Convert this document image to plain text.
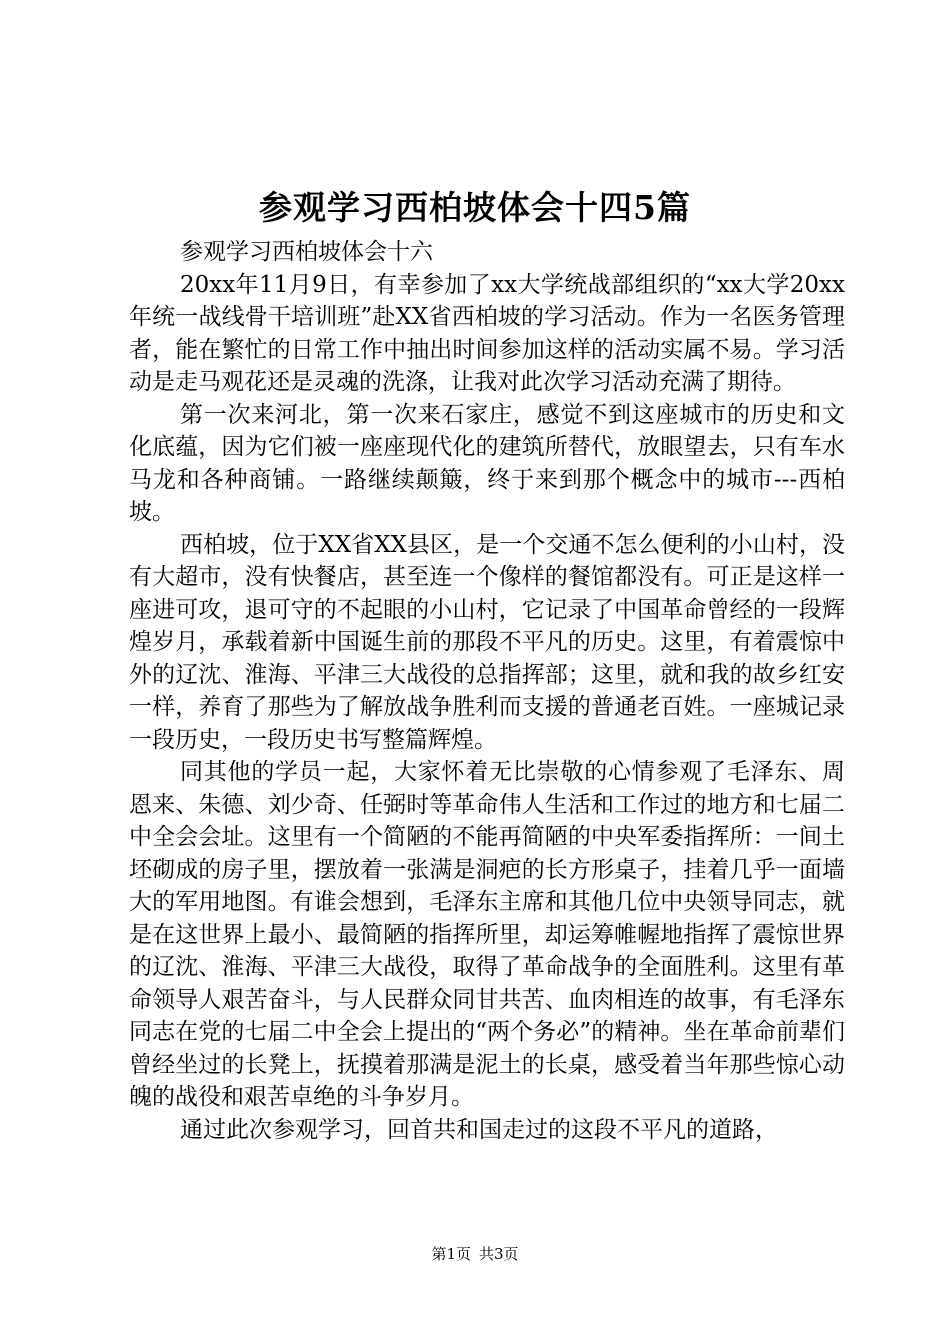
参观学习西柏坡体会十四5篇

参观学习西柏坡体会十六

20xx年11月9日，有幸参加了xx大学统战部组织的“xx大学20xx年统一战线骨干培训班”赴XX省西柏坡的学习活动。作为一名医务管理者，能在繁忙的日常工作中抽出时间参加这样的活动实属不易。学习活动是走马观花还是灵魂的洗涤，让我对此次学习活动充满了期待。

第一次来河北，第一次来石家庄，感觉不到这座城市的历史和文化底蕴，因为它们被一座座现代化的建筑所替代，放眼望去，只有车水马龙和各种商铺。一路继续颠簸，终于来到那个概念中的城市---西柏坡。

西柏坡，位于XX省XX县区，是一个交通不怎么便利的小山村，没有大超市，没有快餐店，甚至连一个像样的餐馆都没有。可正是这样一座进可攻，退可守的不起眼的小山村，它记录了中国革命曾经的一段辉煌岁月，承载着新中国诞生前的那段不平凡的历史。这里，有着震惊中外的辽沈、淮海、平津三大战役的总指挥部；这里，就和我的故乡红安一样，养育了那些为了解放战争胜利而支援的普通老百姓。一座城记录一段历史，一段历史书写整篇辉煌。

同其他的学员一起，大家怀着无比崇敬的心情参观了毛泽东、周恩来、朱德、刘少奇、任弼时等革命伟人生活和工作过的地方和七届二中全会会址。这里有一个简陋的不能再简陋的中央军委指挥所：一间土坯砌成的房子里，摆放着一张满是洞疤的长方形桌子，挂着几乎一面墙大的军用地图。有谁会想到，毛泽东主席和其他几位中央领导同志，就是在这世界上最小、最简陋的指挥所里，却运筹帷幄地指挥了震惊世界的辽沈、淮海、平津三大战役，取得了革命战争的全面胜利。这里有革命领导人艰苦奋斗，与人民群众同甘共苦、血肉相连的故事，有毛泽东同志在党的七届二中全会上提出的“两个务必”的精神。坐在革命前辈们曾经坐过的长凳上，抚摸着那满是泥土的长桌，感受着当年那些惊心动魄的战役和艰苦卓绝的斗争岁月。

通过此次参观学习，回首共和国走过的这段不平凡的道路，

第1页 共3页
